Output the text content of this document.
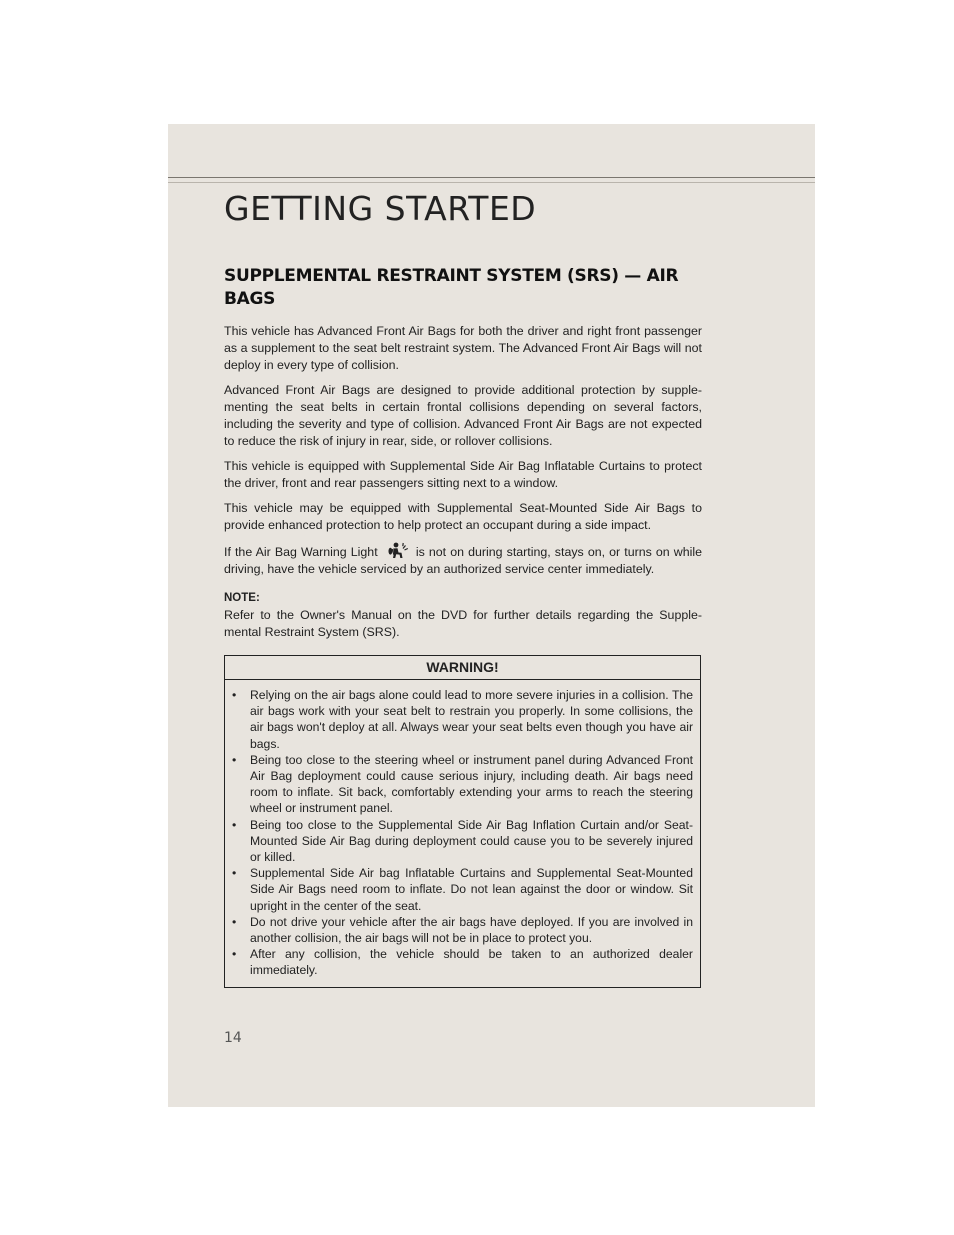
GETTING STARTED
SUPPLEMENTAL RESTRAINT SYSTEM (SRS) — AIR BAGS

This vehicle has Advanced Front Air Bags for both the driver and right front passenger as a supplement to the seat belt restraint system. The Advanced Front Air Bags will not deploy in every type of collision.

Advanced Front Air Bags are designed to provide additional protection by supple-menting the seat belts in certain frontal collisions depending on several factors, including the severity and type of collision. Advanced Front Air Bags are not expected to reduce the risk of injury in rear, side, or rollover collisions.

This vehicle is equipped with Supplemental Side Air Bag Inflatable Curtains to protect the driver, front and rear passengers sitting next to a window.

This vehicle may be equipped with Supplemental Seat-Mounted Side Air Bags to provide enhanced protection to help protect an occupant during a side impact.

If the Air Bag Warning Light	is not on during starting, stays on, or turns on while driving, have the vehicle serviced by an authorized service center immediately.

NOTE:

Refer to the Owner's Manual on the DVD for further details regarding the Supple-mental Restraint System (SRS).

WARNING!
• Relying on the air bags alone could lead to more severe injuries in a collision. The air bags work with your seat belt to restrain you properly. In some collisions, the air bags won't deploy at all. Always wear your seat belts even though you have air bags.
• Being too close to the steering wheel or instrument panel during Advanced Front Air Bag deployment could cause serious injury, including death. Air bags need room to inflate. Sit back, comfortably extending your arms to reach the steering wheel or instrument panel.
• Being too close to the Supplemental Side Air Bag Inflation Curtain and/or Seat-Mounted Side Air Bag during deployment could cause you to be severely injured or killed.
• Supplemental Side Air bag Inflatable Curtains and Supplemental Seat-Mounted Side Air Bags need room to inflate. Do not lean against the door or window. Sit upright in the center of the seat.
• Do not drive your vehicle after the air bags have deployed. If you are involved in another collision, the air bags will not be in place to protect you.
• After any collision, the vehicle should be taken to an authorized dealer immediately.
14
